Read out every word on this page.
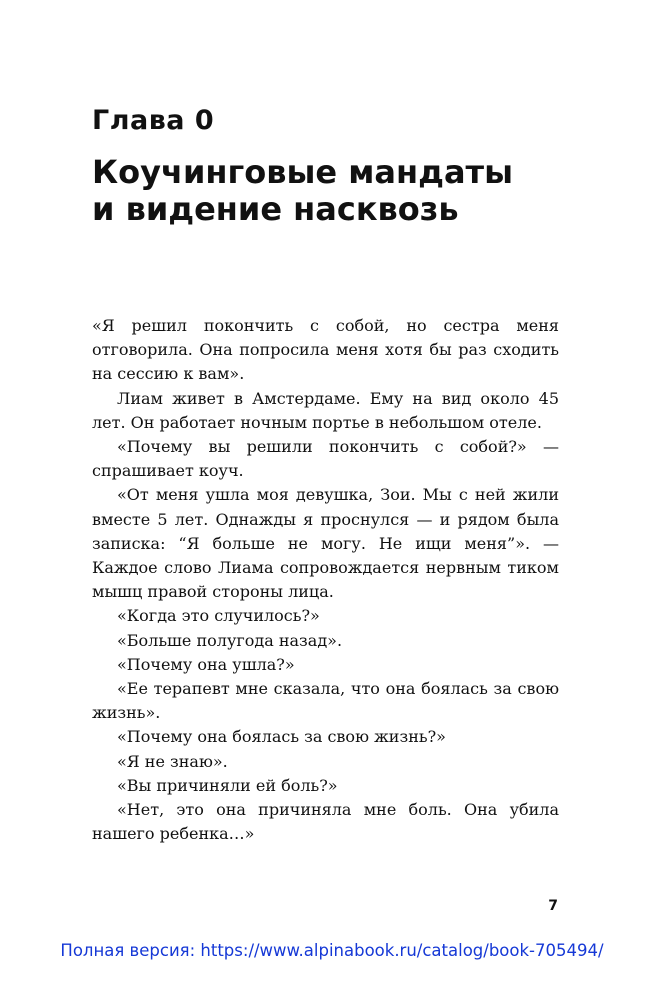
Глава 0
Коучинговые мандаты
и видение насквозь

«Я решил покончить с собой, но сестра меня отговорила. Она попросила меня хотя бы раз сходить на сессию к вам».

Лиам живет в Амстердаме. Ему на вид около 45 лет. Он работает ночным портье в небольшом отеле.

«Почему вы решили покончить с собой?» — спрашивает коуч.

«От меня ушла моя девушка, Зои. Мы с ней жили вместе 5 лет. Однажды я проснулся — и рядом была записка: “Я больше не могу. Не ищи меня”». — Каждое слово Лиама сопровождается нервным тиком мышц правой стороны лица.

«Когда это случилось?»

«Больше полугода назад».

«Почему она ушла?»

«Ее терапевт мне сказала, что она боялась за свою жизнь».

«Почему она боялась за свою жизнь?»

«Я не знаю».

«Вы причиняли ей боль?»

«Нет, это она причиняла мне боль. Она убила нашего ребенка…»

7
Полная версия: https://www.alpinabook.ru/catalog/book-705494/
